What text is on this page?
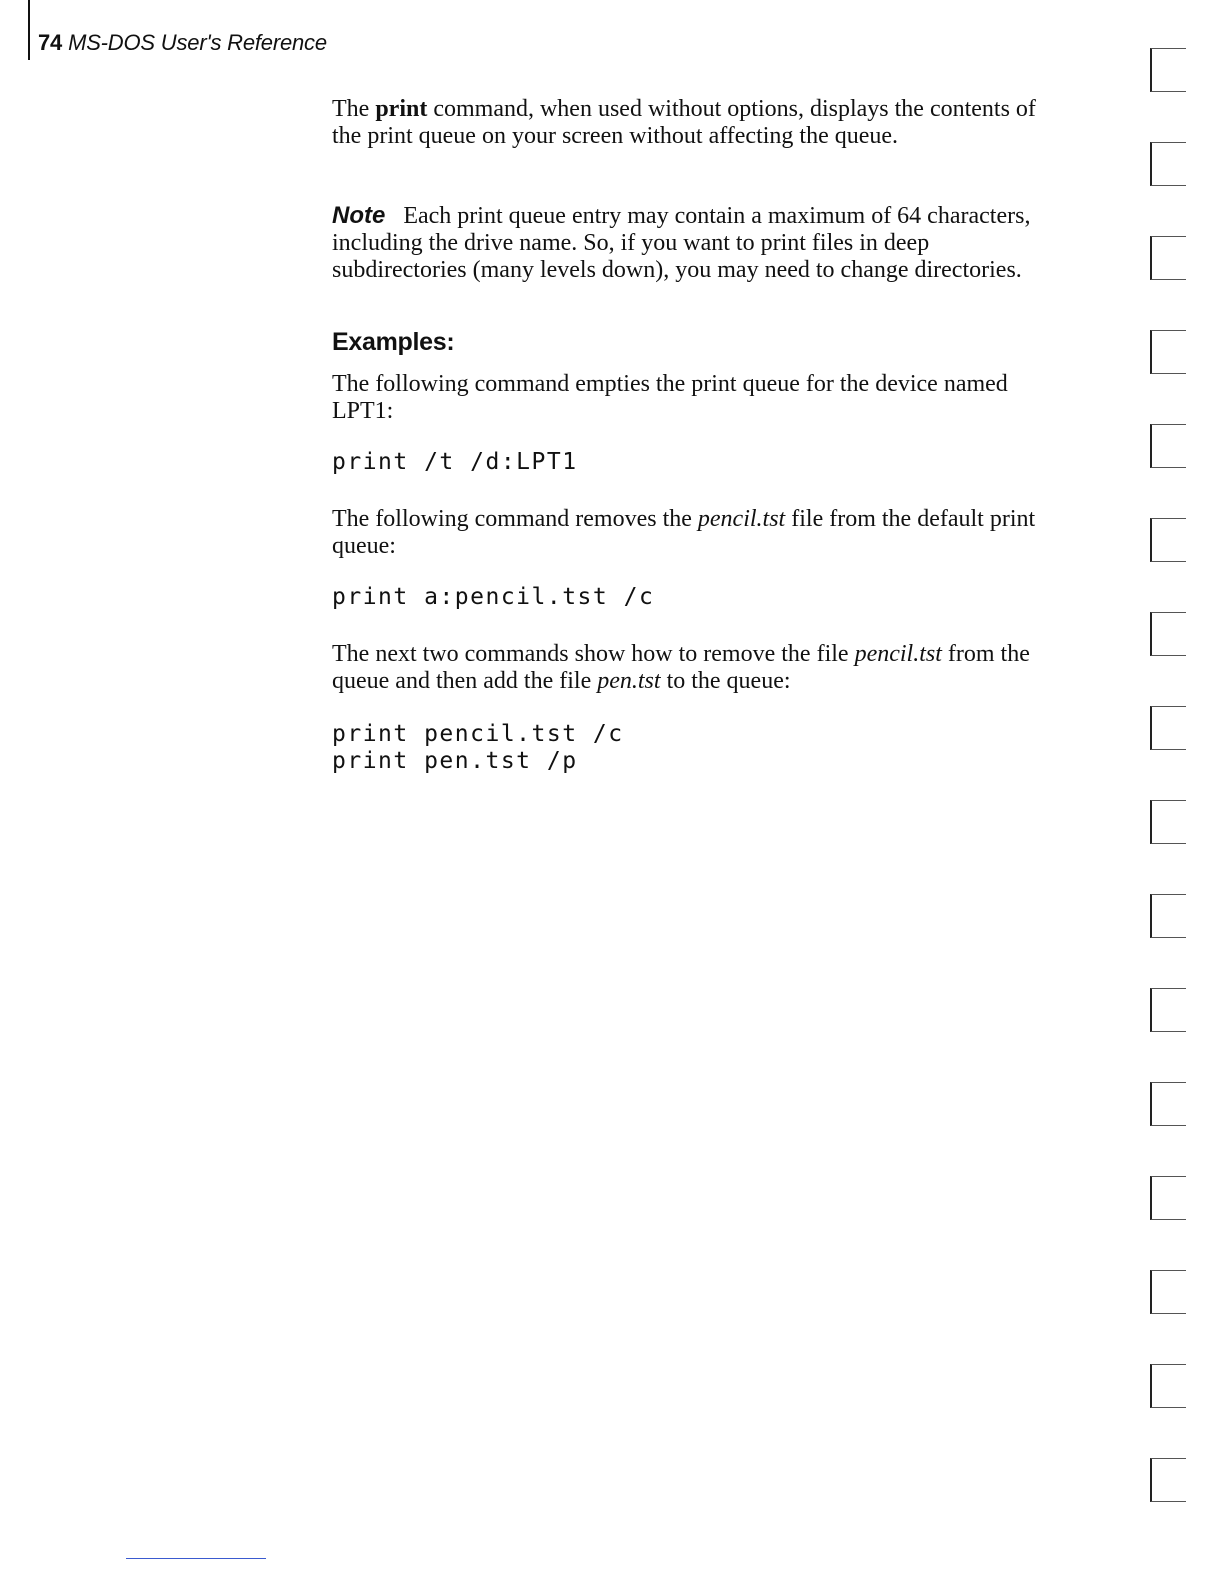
74 MS-DOS User's Reference

The print command, when used without options, displays the contents of the print queue on your screen without affecting the queue.

Note Each print queue entry may contain a maximum of 64 characters, including the drive name. So, if you want to print files in deep subdirectories (many levels down), you may need to change directories.

Examples:

The following command empties the print queue for the device named LPT1:

print /t /d:LPT1

The following command removes the pencil.tst file from the default print queue:

print a:pencil.tst /c

The next two commands show how to remove the file pencil.tst from the queue and then add the file pen.tst to the queue:

print pencil.tst /c
print pen.tst /p
